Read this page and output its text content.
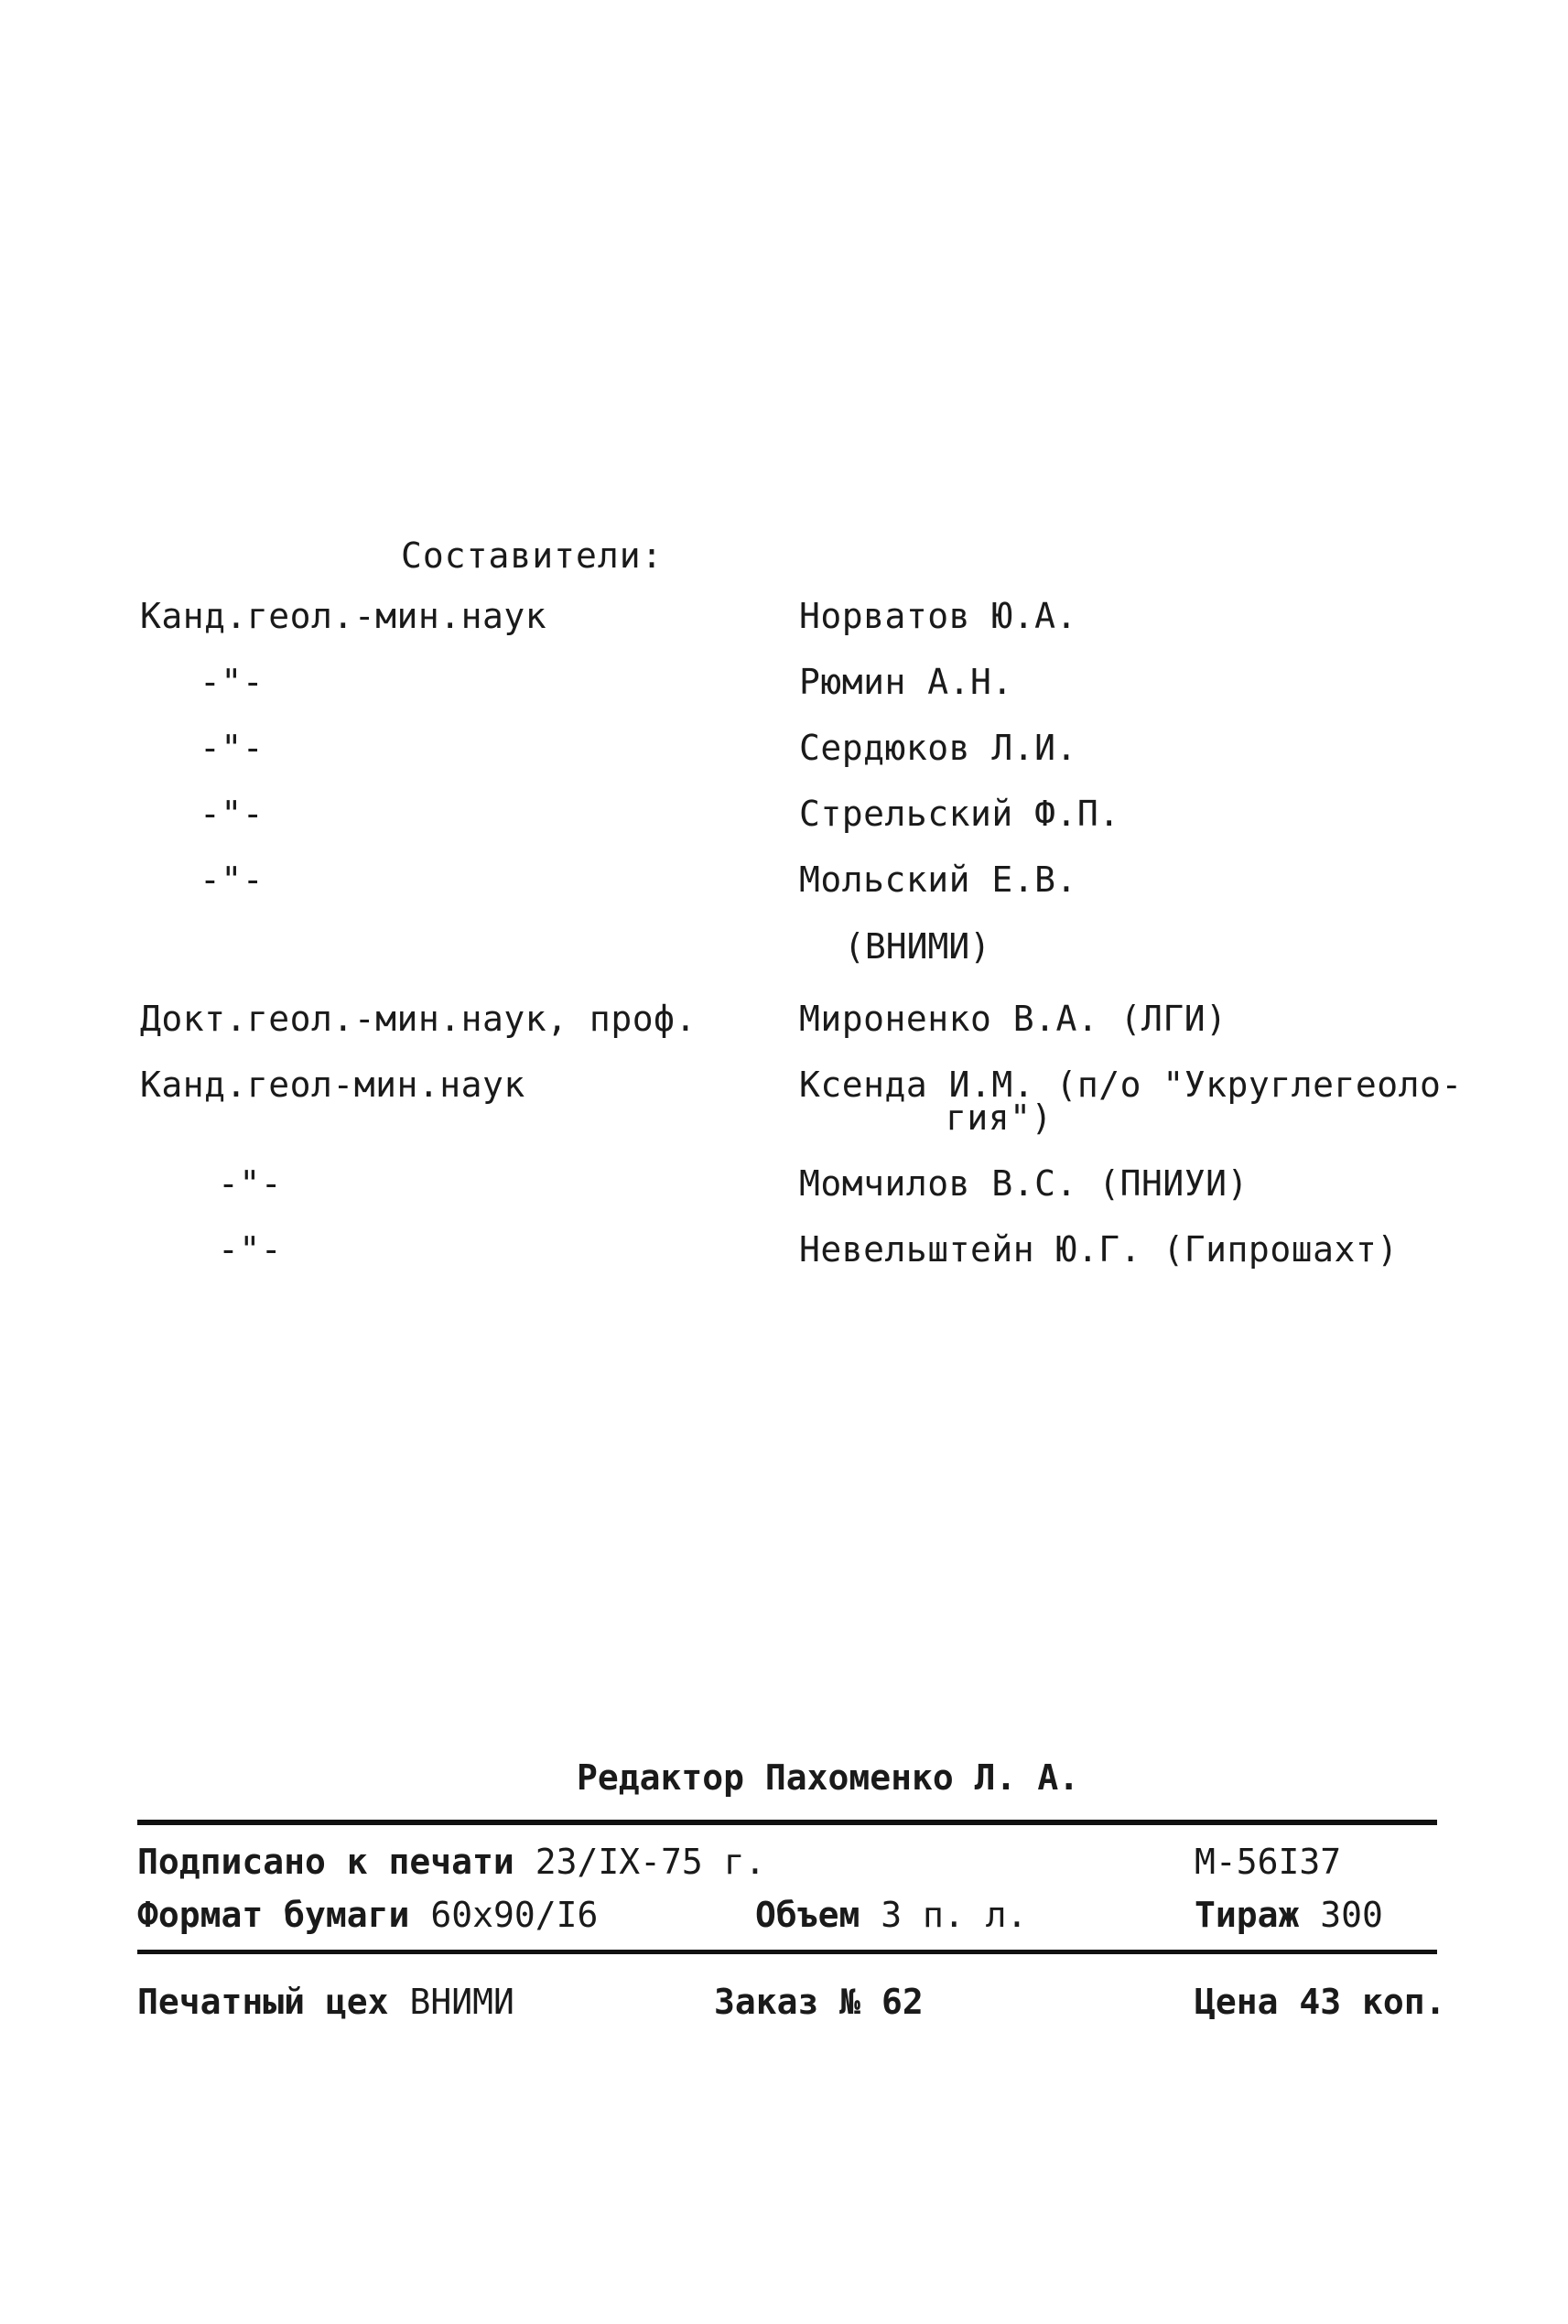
Составители:
Канд.геол.-мин.наук	Норватов Ю.А.
-"-	Рюмин А.Н.
-"-	Сердюков Л.И.
-"-	Стрельский Ф.П.
-"-	Мольский Е.В.
(ВНИМИ)
Докт.геол.-мин.наук, проф.	Мироненко В.А. (ЛГИ)
Канд.геол-мин.наук	Ксенда И.М. (п/о "Укруглегеоло-
гия")
-"-	Момчилов В.С. (ПНИУИ)
-"-	Невельштейн Ю.Г. (Гипрошахт)
Редактор Пахоменко Л. А.
Подписано к печати 23/IX-75 г.	М-56I37
Формат бумаги 60х90/I6	Объем 3 п. л.	Тираж 300
Печатный цех ВНИМИ	Заказ № 62	Цена 43 коп.
